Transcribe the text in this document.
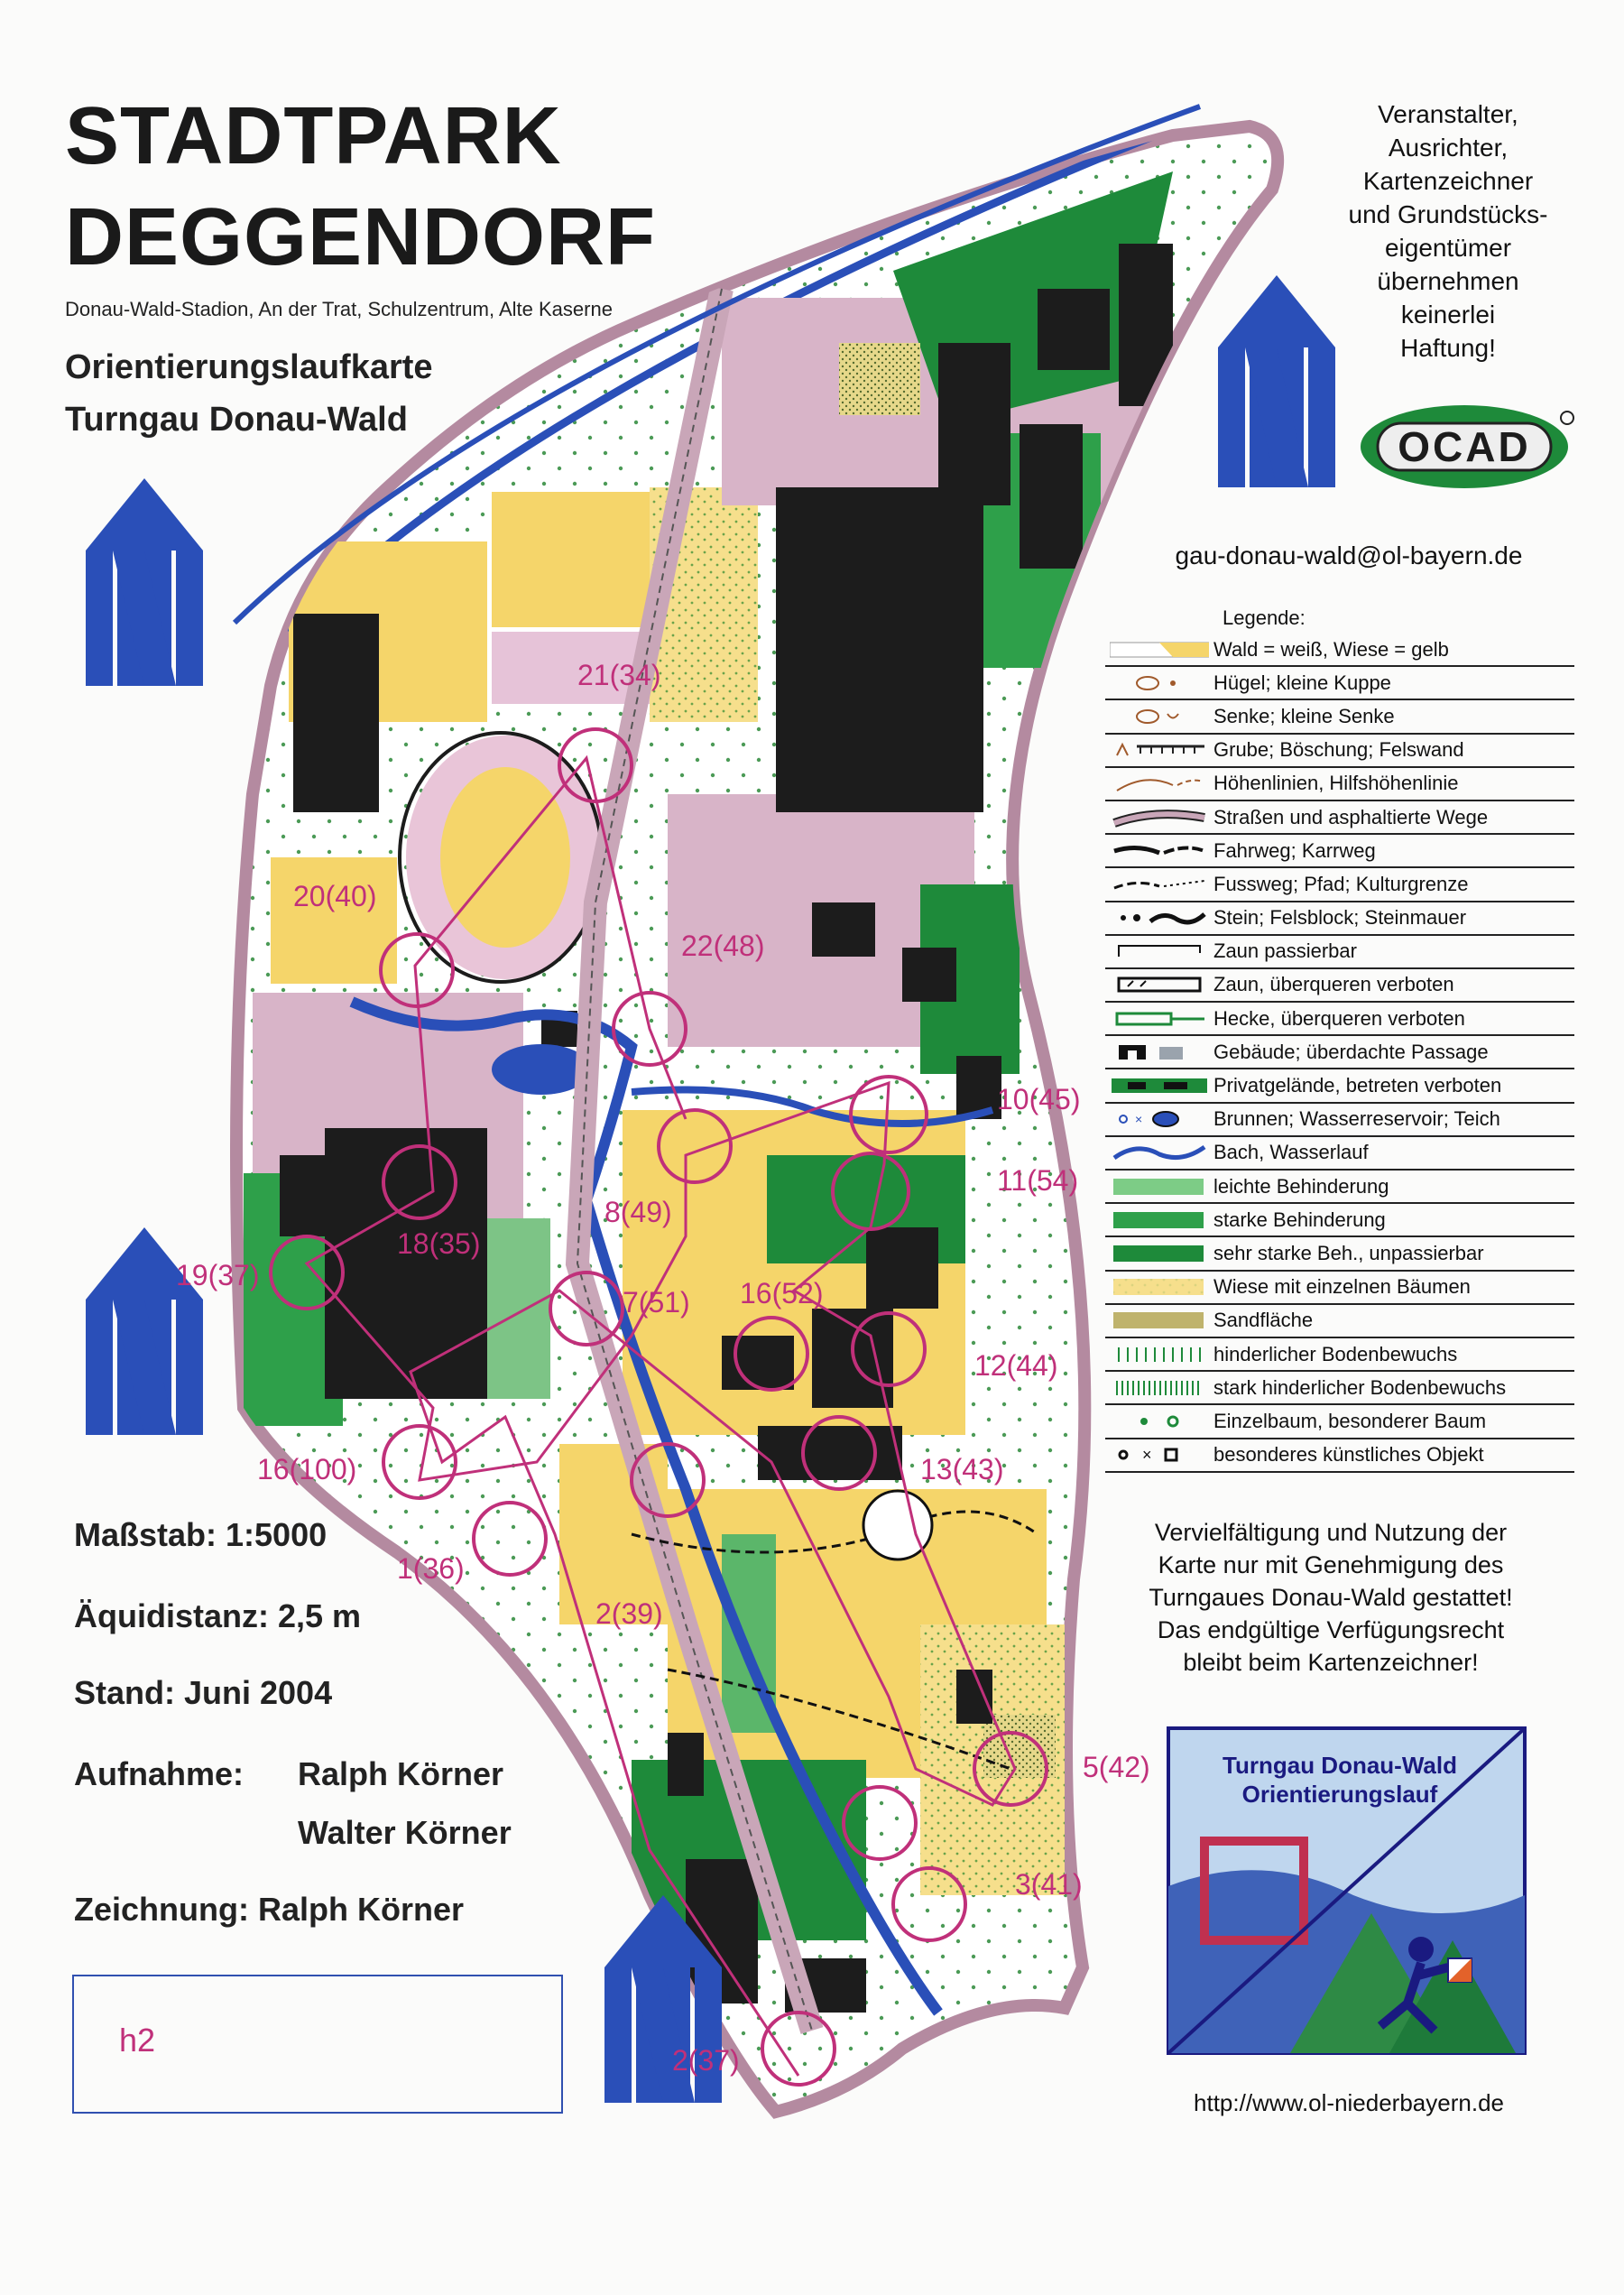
STADTPARK
DEGGENDORF
Donau-Wald-Stadion, An der Trat, Schulzentrum, Alte Kaserne
Orientierungslaufkarte
Turngau Donau-Wald
Veranstalter,
Ausrichter,
Kartenzeichner
und Grundstücks-
eigentümer
übernehmen
keinerlei
Haftung!
OCAD
gau-donau-wald@ol-bayern.de
Legende:
Wald = weiß, Wiese = gelb
Hügel; kleine Kuppe
Senke; kleine Senke
Grube; Böschung; Felswand
Höhenlinien, Hilfshöhenlinie
Straßen und asphaltierte Wege
Fahrweg; Karrweg
Fussweg; Pfad; Kulturgrenze
Stein; Felsblock; Steinmauer
Zaun passierbar
Zaun, überqueren verboten
Hecke, überqueren verboten
Gebäude; überdachte Passage
Privatgelände, betreten verboten
×	Brunnen; Wasserreservoir; Teich
Bach, Wasserlauf
leichte Behinderung
starke Behinderung
sehr starke Beh., unpassierbar
Wiese mit einzelnen Bäumen
Sandfläche
hinderlicher Bodenbewuchs
stark hinderlicher Bodenbewuchs
Einzelbaum, besonderer Baum
×	besonderes künstliches Objekt
Maßstab: 1:5000
Äquidistanz: 2,5 m
Stand: Juni 2004
Aufnahme: Ralph Körner
Walter Körner
Zeichnung: Ralph Körner
h2
Vervielfältigung und Nutzung der
Karte nur mit Genehmigung des
Turngaues Donau-Wald gestattet!
Das endgültige Verfügungsrecht
bleibt beim Kartenzeichner!
Turngau Donau-Wald
Orientierungslauf
http://www.ol-niederbayern.de
21(34)
20(40)
22(48)
10(45)
11(54)
18(35)
19(37)
8(49)
7(51) 16(52)
12(44)
16(100)	13(43)
1(36)
2(39)
5(42)
3(41)
2(37)
